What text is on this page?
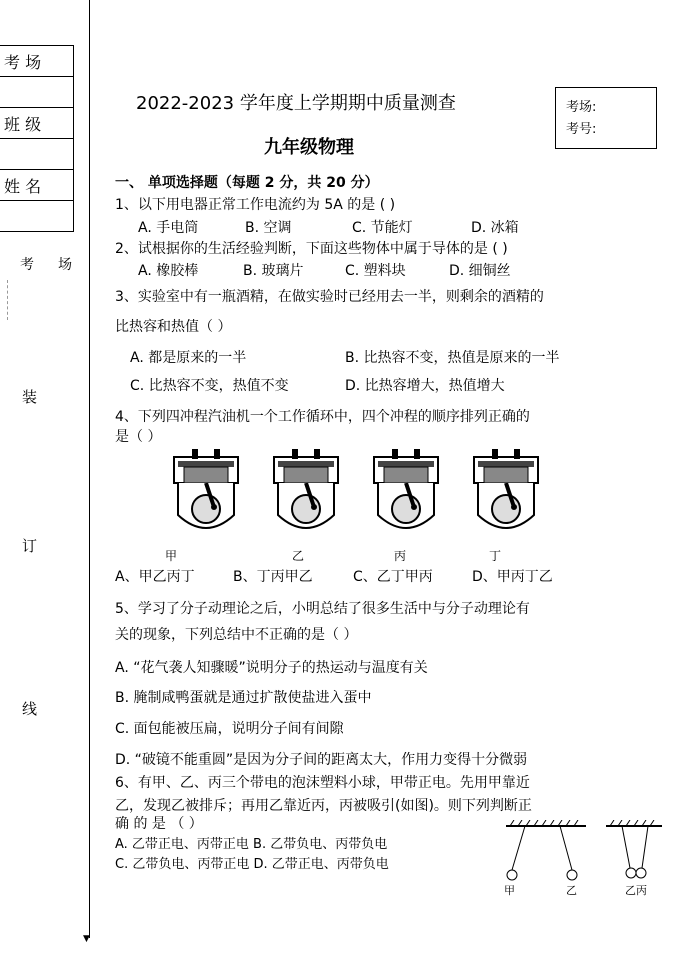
考 场

班 级

姓 名

考 场
装
订
线
▼
2022-2023 学年度上学期期中质量测查
九年级物理
考场:
考号:
一、 单项选择题（每题 2 分，共 20 分）
1、以下用电器正常工作电流约为 5A 的是 ( )
A. 手电筒	B. 空调	C. 节能灯	D. 冰箱
2、试根据你的生活经验判断，下面这些物体中属于导体的是 ( )
A. 橡胶棒	B. 玻璃片	C. 塑料块	D. 细铜丝
3、实验室中有一瓶酒精，在做实验时已经用去一半，则剩余的酒精的
比热容和热值（ ）
A. 都是原来的一半	B. 比热容不变，热值是原来的一半
C. 比热容不变，热值不变	D. 比热容增大，热值增大
4、下列四冲程汽油机一个工作循环中，四个冲程的顺序排列正确的
是（ ）
甲	乙	丙	丁
A、甲乙丙丁	B、丁丙甲乙	C、乙丁甲丙	D、甲丙丁乙
5、学习了分子动理论之后，小明总结了很多生活中与分子动理论有
关的现象，下列总结中不正确的是（ ）
A. “花气袭人知骤暖”说明分子的热运动与温度有关
B. 腌制咸鸭蛋就是通过扩散使盐进入蛋中
C. 面包能被压扁，说明分子间有间隙
D. “破镜不能重圆”是因为分子间的距离太大，作用力变得十分微弱
6、有甲、乙、丙三个带电的泡沫塑料小球，甲带正电。先用甲靠近
乙，发现乙被排斥；再用乙靠近丙，丙被吸引(如图)。则下列判断正
确 的 是 （ ）
A. 乙带正电、丙带正电 B. 乙带负电、丙带负电
C. 乙带负电、丙带正电 D. 乙带正电、丙带负电
甲	乙	乙丙
